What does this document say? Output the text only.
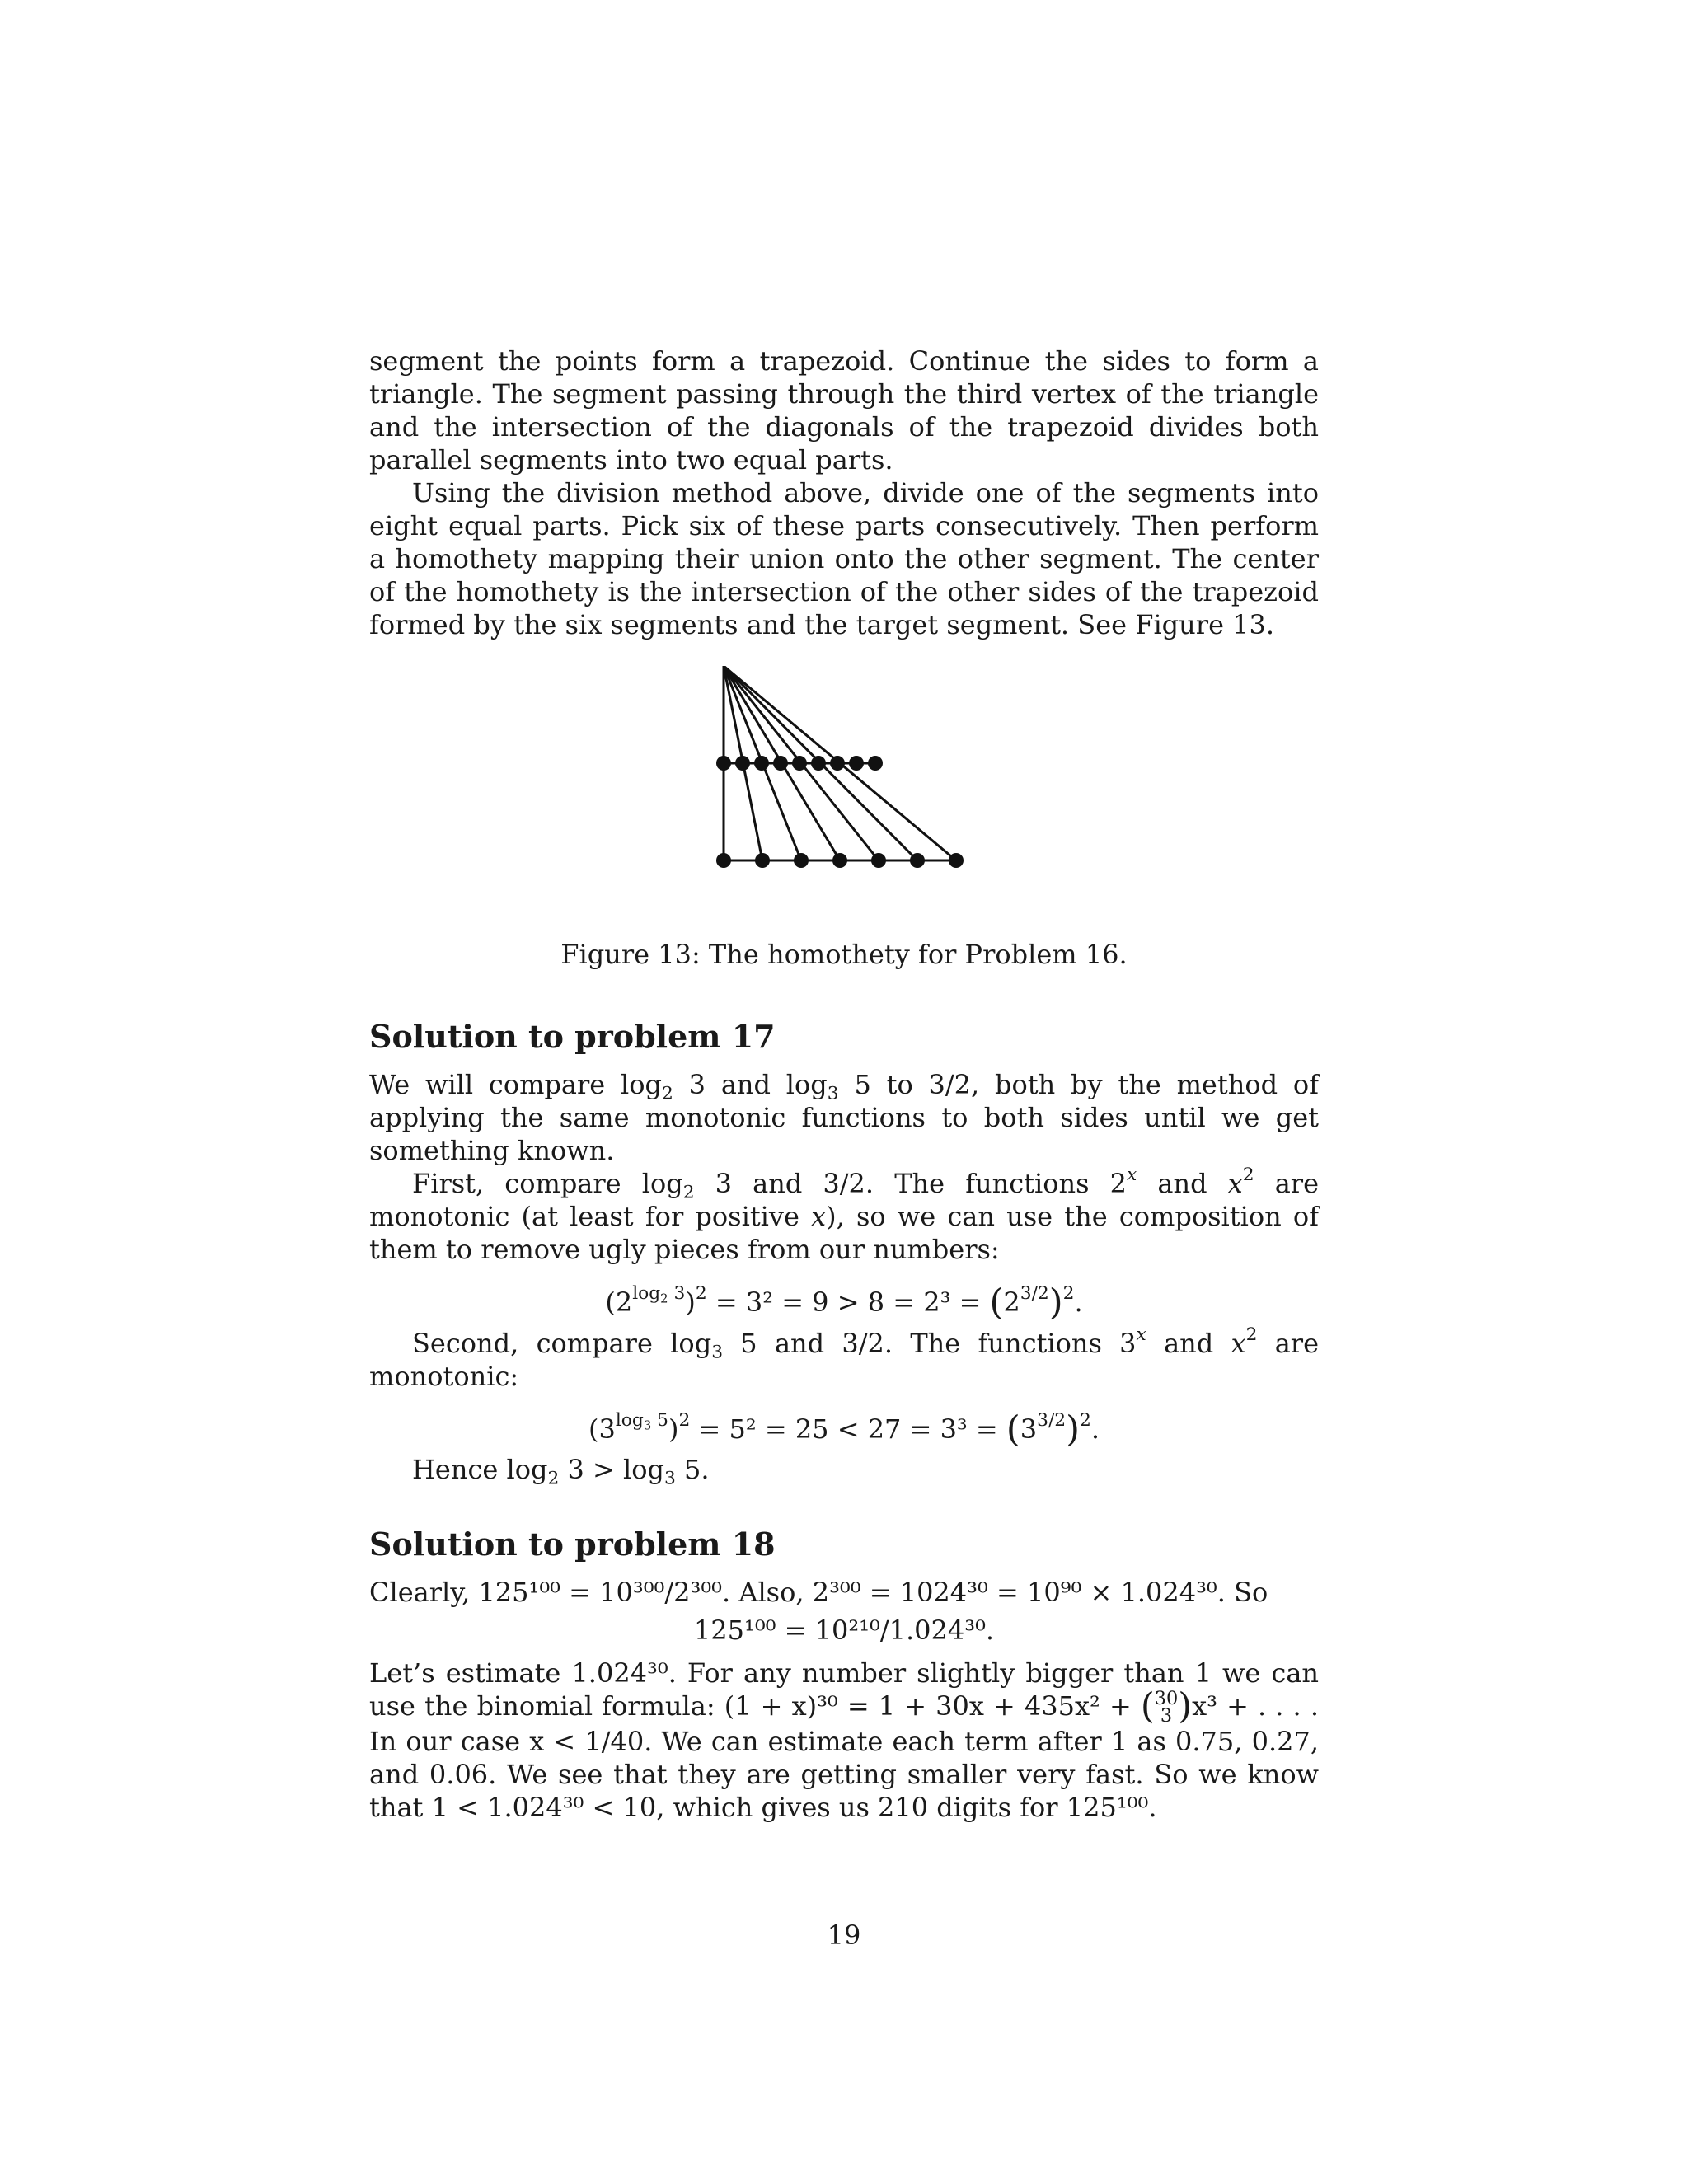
segment the points form a trapezoid. Continue the sides to form a triangle. The segment passing through the third vertex of the triangle and the intersection of the diagonals of the trapezoid divides both parallel segments into two equal parts.

Using the division method above, divide one of the segments into eight equal parts. Pick six of these parts consecutively. Then perform a homothety mapping their union onto the other segment. The center of the homothety is the intersection of the other sides of the trapezoid formed by the six segments and the target segment. See Figure 13.

Figure 13: The homothety for Problem 16.
Solution to problem 17

We will compare $\log_2 3$ and $\log_3 5$ to 3/2, both by the method of applying the same monotonic functions to both sides until we get something known.

First, compare $\log_2 3$ and 3/2. The functions 2$^x$ and $x^2$ are monotonic (at least for positive x), so we can use the composition of them to remove ugly pieces from our numbers:

$(2^{log_2 3})^2 = 3^2 = 9 > 8 = 2^3 = (2^{3/2})^2$.

Second, compare $\log_3 5$ and 3/2. The functions 3$^x$ and $x^2$ are monotonic:

$(3^{log_3 5})^2 = 5^2 = 25 < 27 = 3^3 = (3^{3/2})^2$.

Hence $\log_2 3 > \log_3 5$.

Solution to problem 18

Clearly, 125¹⁰⁰ = 10³⁰⁰/2³⁰⁰. Also, 2³⁰⁰ = 1024³⁰ = 10⁹⁰ × 1.024³⁰. So

125¹⁰⁰ = 10²¹⁰/1.024³⁰.

Let’s estimate 1.024³⁰. For any number slightly bigger than 1 we can use the binomial formula: (1 + x)³⁰ = 1 + 30x + 435x² + ( 30
3 )x³ + . . . . In our case x < 1/40. We can estimate each term after 1 as 0.75, 0.27, and 0.06. We see that they are getting smaller very fast. So we know that 1 < 1.024³⁰ < 10, which gives us 210 digits for 125¹⁰⁰.

19
